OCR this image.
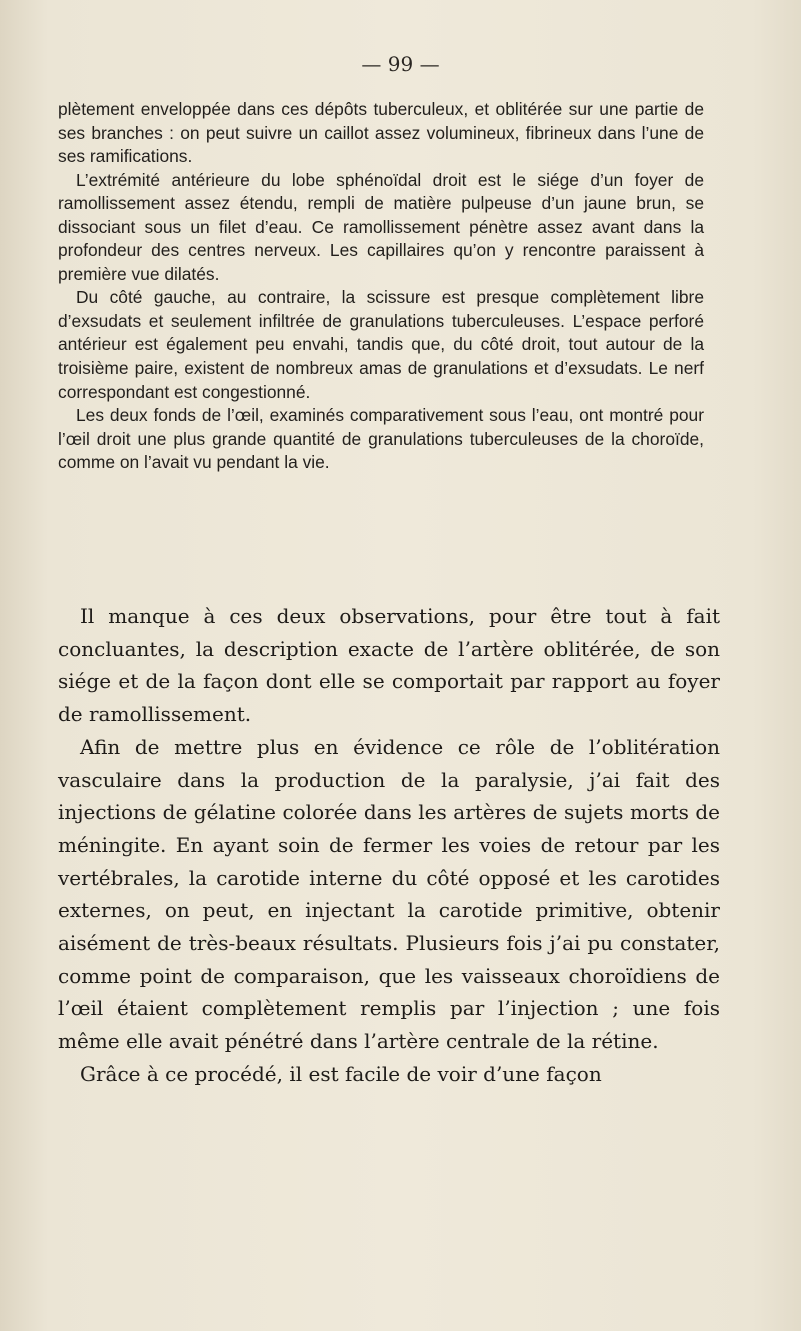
— 99 —

plètement enveloppée dans ces dépôts tuberculeux, et oblitérée sur une partie de ses branches : on peut suivre un caillot assez volumineux, fibrineux dans l’une de ses ramifications.

L’extrémité antérieure du lobe sphénoïdal droit est le siége d’un foyer de ramollissement assez étendu, rempli de matière pulpeuse d’un jaune brun, se dissociant sous un filet d’eau. Ce ramollissement pénètre assez avant dans la profondeur des centres nerveux. Les capillaires qu’on y rencontre paraissent à première vue dilatés.

Du côté gauche, au contraire, la scissure est presque complètement libre d’exsudats et seulement infiltrée de granulations tuberculeuses. L’espace perforé antérieur est également peu envahi, tandis que, du côté droit, tout autour de la troisième paire, existent de nombreux amas de granulations et d’exsudats. Le nerf correspondant est congestionné.

Les deux fonds de l’œil, examinés comparativement sous l’eau, ont montré pour l’œil droit une plus grande quantité de granulations tuberculeuses de la choroïde, comme on l’avait vu pendant la vie.

Il manque à ces deux observations, pour être tout à fait concluantes, la description exacte de l’artère oblitérée, de son siége et de la façon dont elle se comportait par rapport au foyer de ramollissement.

Afin de mettre plus en évidence ce rôle de l’oblitération vasculaire dans la production de la paralysie, j’ai fait des injections de gélatine colorée dans les artères de sujets morts de méningite. En ayant soin de fermer les voies de retour par les vertébrales, la carotide interne du côté opposé et les carotides externes, on peut, en injectant la carotide primitive, obtenir aisément de très-beaux résultats. Plusieurs fois j’ai pu constater, comme point de comparaison, que les vaisseaux choroïdiens de l’œil étaient complètement remplis par l’injection ; une fois même elle avait pénétré dans l’artère centrale de la rétine.

Grâce à ce procédé, il est facile de voir d’une façon
